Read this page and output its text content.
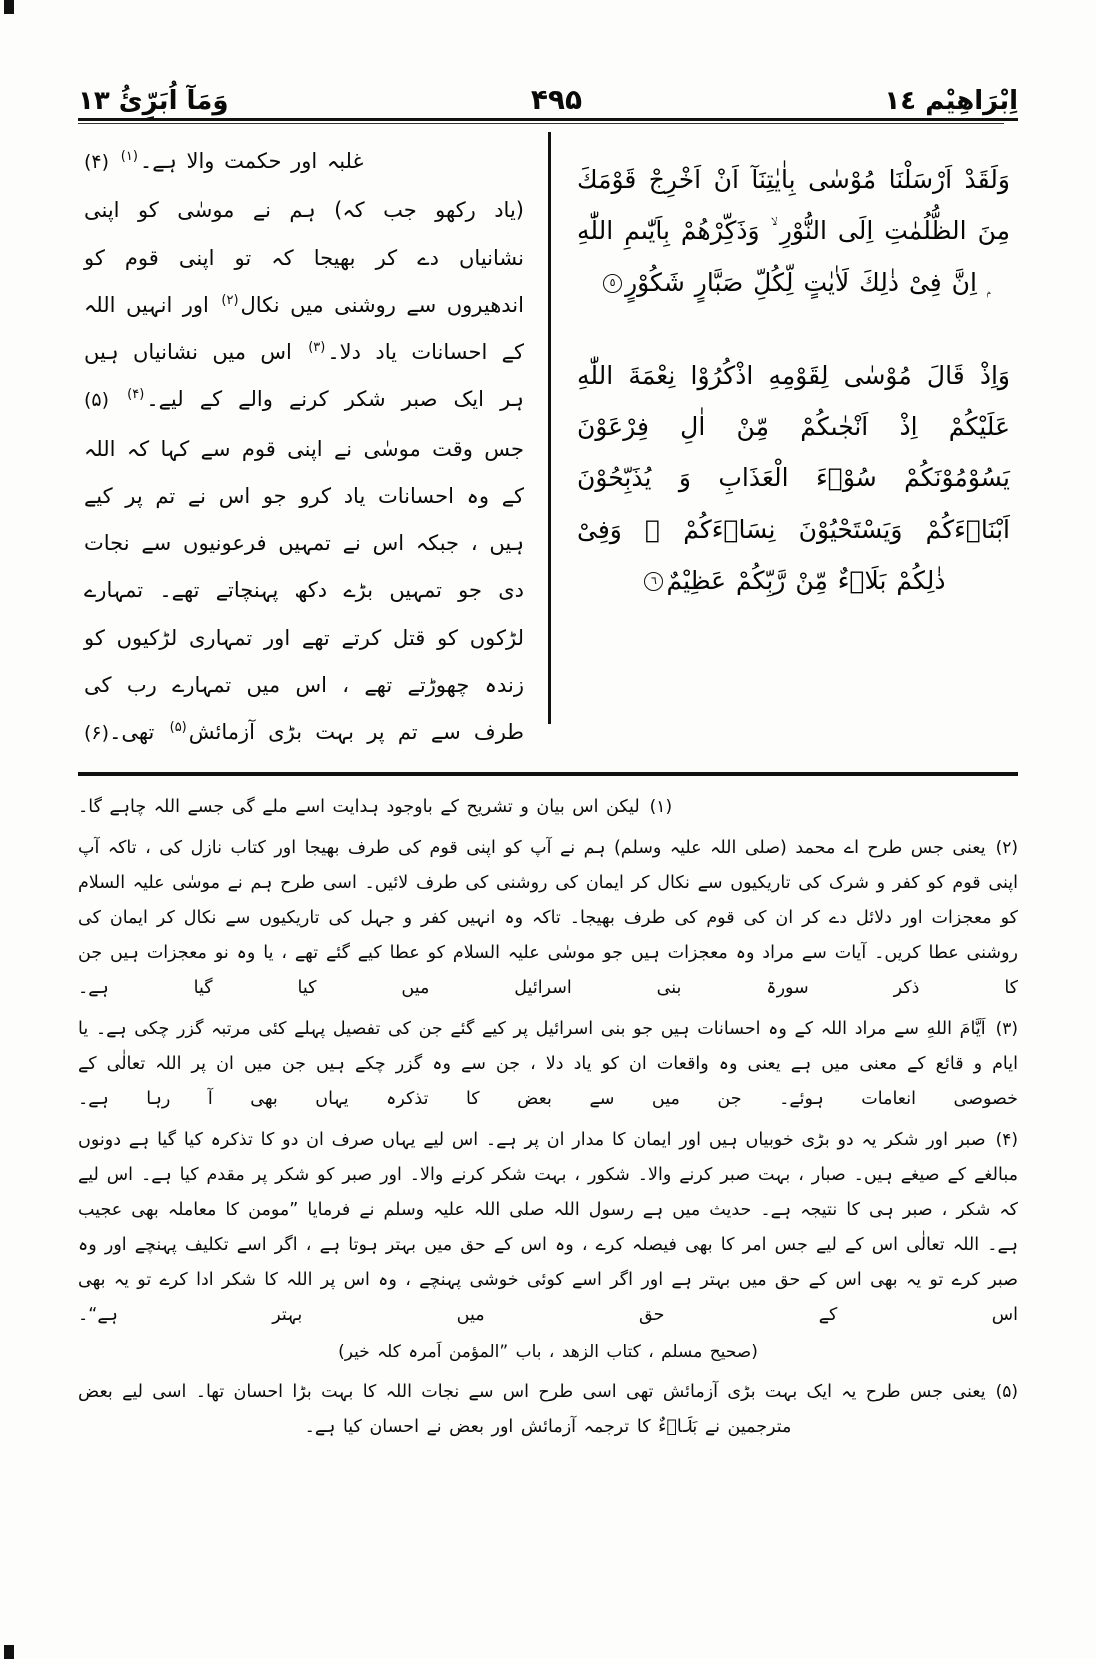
وَمَآ اُبَرِّئُ ١٣	۴۹۵	اِبْرَاهِيْم ١٤
وَلَقَدْ اَرْسَلْنَا مُوْسٰى بِاٰيٰتِنَآ اَنْ اَخْرِجْ قَوْمَكَ مِنَ الظُّلُمٰتِ اِلَى النُّوْرِ ۙ وَذَكِّرْهُمْ بِاَيّٰىمِ اللّٰهِ ۭ اِنَّ فِىْ ذٰلِكَ لَاٰيٰتٍ لِّكُلِّ صَبَّارٍ شَكُوْرٍ٥
وَاِذْ قَالَ مُوْسٰى لِقَوْمِهِ اذْكُرُوْا نِعْمَةَ اللّٰهِ عَلَيْكُمْ اِذْ اَنْجٰىكُمْ مِّنْ اٰلِ فِرْعَوْنَ يَسُوْمُوْنَكُمْ سُوْۗءَ الْعَذَابِ وَ يُذَبِّحُوْنَ اَبْنَاۗءَكُمْ وَيَسْتَحْيُوْنَ نِسَاۗءَكُمْ ۭ وَفِىْ ذٰلِكُمْ بَلَاۗءٌ مِّنْ رَّبِّكُمْ عَظِيْمٌ٦

غلبہ اور حکمت والا ہے۔$^{(۱)}$ (۴)

(یاد رکھو جب کہ) ہم نے موسٰی کو اپنی نشانیاں دے کر بھیجا کہ تو اپنی قوم کو اندھیروں سے روشنی میں نکال$^{(۲)}$ اور انہیں اللہ کے احسانات یاد دلا۔$^{(۳)}$ اس میں نشانیاں ہیں ہر ایک صبر شکر کرنے والے کے لیے۔$^{(۴)}$ (۵)

جس وقت موسٰی نے اپنی قوم سے کہا کہ اللہ کے وہ احسانات یاد کرو جو اس نے تم پر کیے ہیں ، جبکہ اس نے تمہیں فرعونیوں سے نجات دی جو تمہیں بڑے دکھ پہنچاتے تھے۔ تمہارے لڑکوں کو قتل کرتے تھے اور تمہاری لڑکیوں کو زندہ چھوڑتے تھے ، اس میں تمہارے رب کی طرف سے تم پر بہت بڑی آزمائش$^{(۵)}$ تھی۔(۶)

(۱)لیکن اس بیان و تشریح کے باوجود ہدایت اسے ملے گی جسے اللہ چاہے گا۔
(۲)یعنی جس طرح اے محمد (صلی اللہ علیہ وسلم) ہم نے آپ کو اپنی قوم کی طرف بھیجا اور کتاب نازل کی ، تاکہ آپ اپنی قوم کو کفر و شرک کی تاریکیوں سے نکال کر ایمان کی روشنی کی طرف لائیں۔ اسی طرح ہم نے موسٰی علیہ السلام کو معجزات اور دلائل دے کر ان کی قوم کی طرف بھیجا۔ تاکہ وہ انہیں کفر و جہل کی تاریکیوں سے نکال کر ایمان کی روشنی عطا کریں۔ آیات سے مراد وہ معجزات ہیں جو موسٰی علیہ السلام کو عطا کیے گئے تھے ، یا وہ نو معجزات ہیں جن کا ذکر سورۃ بنی اسرائیل میں کیا گیا ہے۔
(۳)اَيَّامَ اللهِ سے مراد اللہ کے وہ احسانات ہیں جو بنی اسرائیل پر کیے گئے جن کی تفصیل پہلے کئی مرتبہ گزر چکی ہے۔ یا ایام و قائع کے معنی میں ہے یعنی وہ واقعات ان کو یاد دلا ، جن سے وہ گزر چکے ہیں جن میں ان پر اللہ تعالٰی کے خصوصی انعامات ہوئے۔ جن میں سے بعض کا تذکرہ یہاں بھی آ رہا ہے۔
(۴)صبر اور شکر یہ دو بڑی خوبیاں ہیں اور ایمان کا مدار ان پر ہے۔ اس لیے یہاں صرف ان دو کا تذکرہ کیا گیا ہے دونوں مبالغے کے صیغے ہیں۔ صبار ، بہت صبر کرنے والا۔ شکور ، بہت شکر کرنے والا۔ اور صبر کو شکر پر مقدم کیا ہے۔ اس لیے کہ شکر ، صبر ہی کا نتیجہ ہے۔ حدیث میں ہے رسول اللہ صلی اللہ علیہ وسلم نے فرمایا ”مومن کا معاملہ بھی عجیب ہے۔ اللہ تعالٰی اس کے لیے جس امر کا بھی فیصلہ کرے ، وہ اس کے حق میں بہتر ہوتا ہے ، اگر اسے تکلیف پہنچے اور وہ صبر کرے تو یہ بھی اس کے حق میں بہتر ہے اور اگر اسے کوئی خوشی پہنچے ، وہ اس پر اللہ کا شکر ادا کرے تو یہ بھی اس کے حق میں بہتر ہے“۔
(صحیح مسلم ، کتاب الزھد ، باب ”المؤمن اَمرہ کلہ خیر)
(۵)یعنی جس طرح یہ ایک بہت بڑی آزمائش تھی اسی طرح اس سے نجات اللہ کا بہت بڑا احسان تھا۔ اسی لیے بعض مترجمین نے بَلَاۗءٌ کا ترجمہ آزمائش اور بعض نے احسان کیا ہے۔
